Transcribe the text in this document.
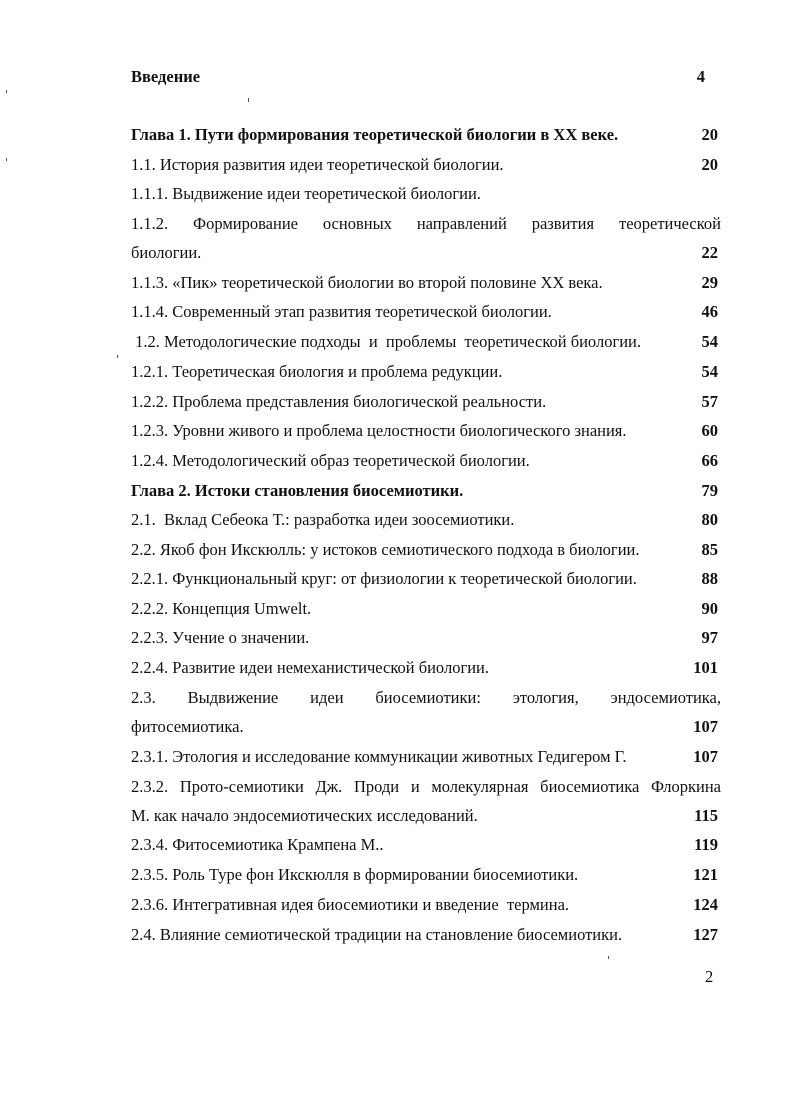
Введение	4
Глава 1. Пути формирования теоретической биологии в XX веке.	20
1.1. История развития идеи теоретической биологии.	20
1.1.1. Выдвижение идеи теоретической биологии.
1.1.2. Формирование основных направлений развития теоретической
биологии.	22
1.1.3. «Пик» теоретической биологии во второй половине XX века.	29
1.1.4. Современный этап развития теоретической биологии.	46
1.2. Методологические подходы  и  проблемы  теоретической биологии.	54
1.2.1. Теоретическая биология и проблема редукции.	54
1.2.2. Проблема представления биологической реальности.	57
1.2.3. Уровни живого и проблема целостности биологического знания.	60
1.2.4. Методологический образ теоретической биологии.	66
Глава 2. Истоки становления биосемиотики.	79
2.1.  Вклад Себеока Т.: разработка идеи зоосемиотики.	80
2.2. Якоб фон Икскюлль: у истоков семиотического подхода в биологии.	85
2.2.1. Функциональный круг: от физиологии к теоретической биологии.	88
2.2.2. Концепция Umwelt.	90
2.2.3. Учение о значении.	97
2.2.4. Развитие идеи немеханистической биологии.	101
2.3. Выдвижение идеи биосемиотики: этология, эндосемиотика,
фитосемиотика.	107
2.3.1. Этология и исследование коммуникации животных Гедигером Г.	107
2.3.2. Прото-семиотики Дж. Проди и молекулярная биосемиотика Флоркина
М. как начало эндосемиотических исследований.	115
2.3.4. Фитосемиотика Крампена М..	119
2.3.5. Роль Туре фон Икскюлля в формировании биосемиотики.	121
2.3.6. Интегративная идея биосемиотики и введение  термина.	124
2.4. Влияние семиотической традиции на становление биосемиотики.	127
2
